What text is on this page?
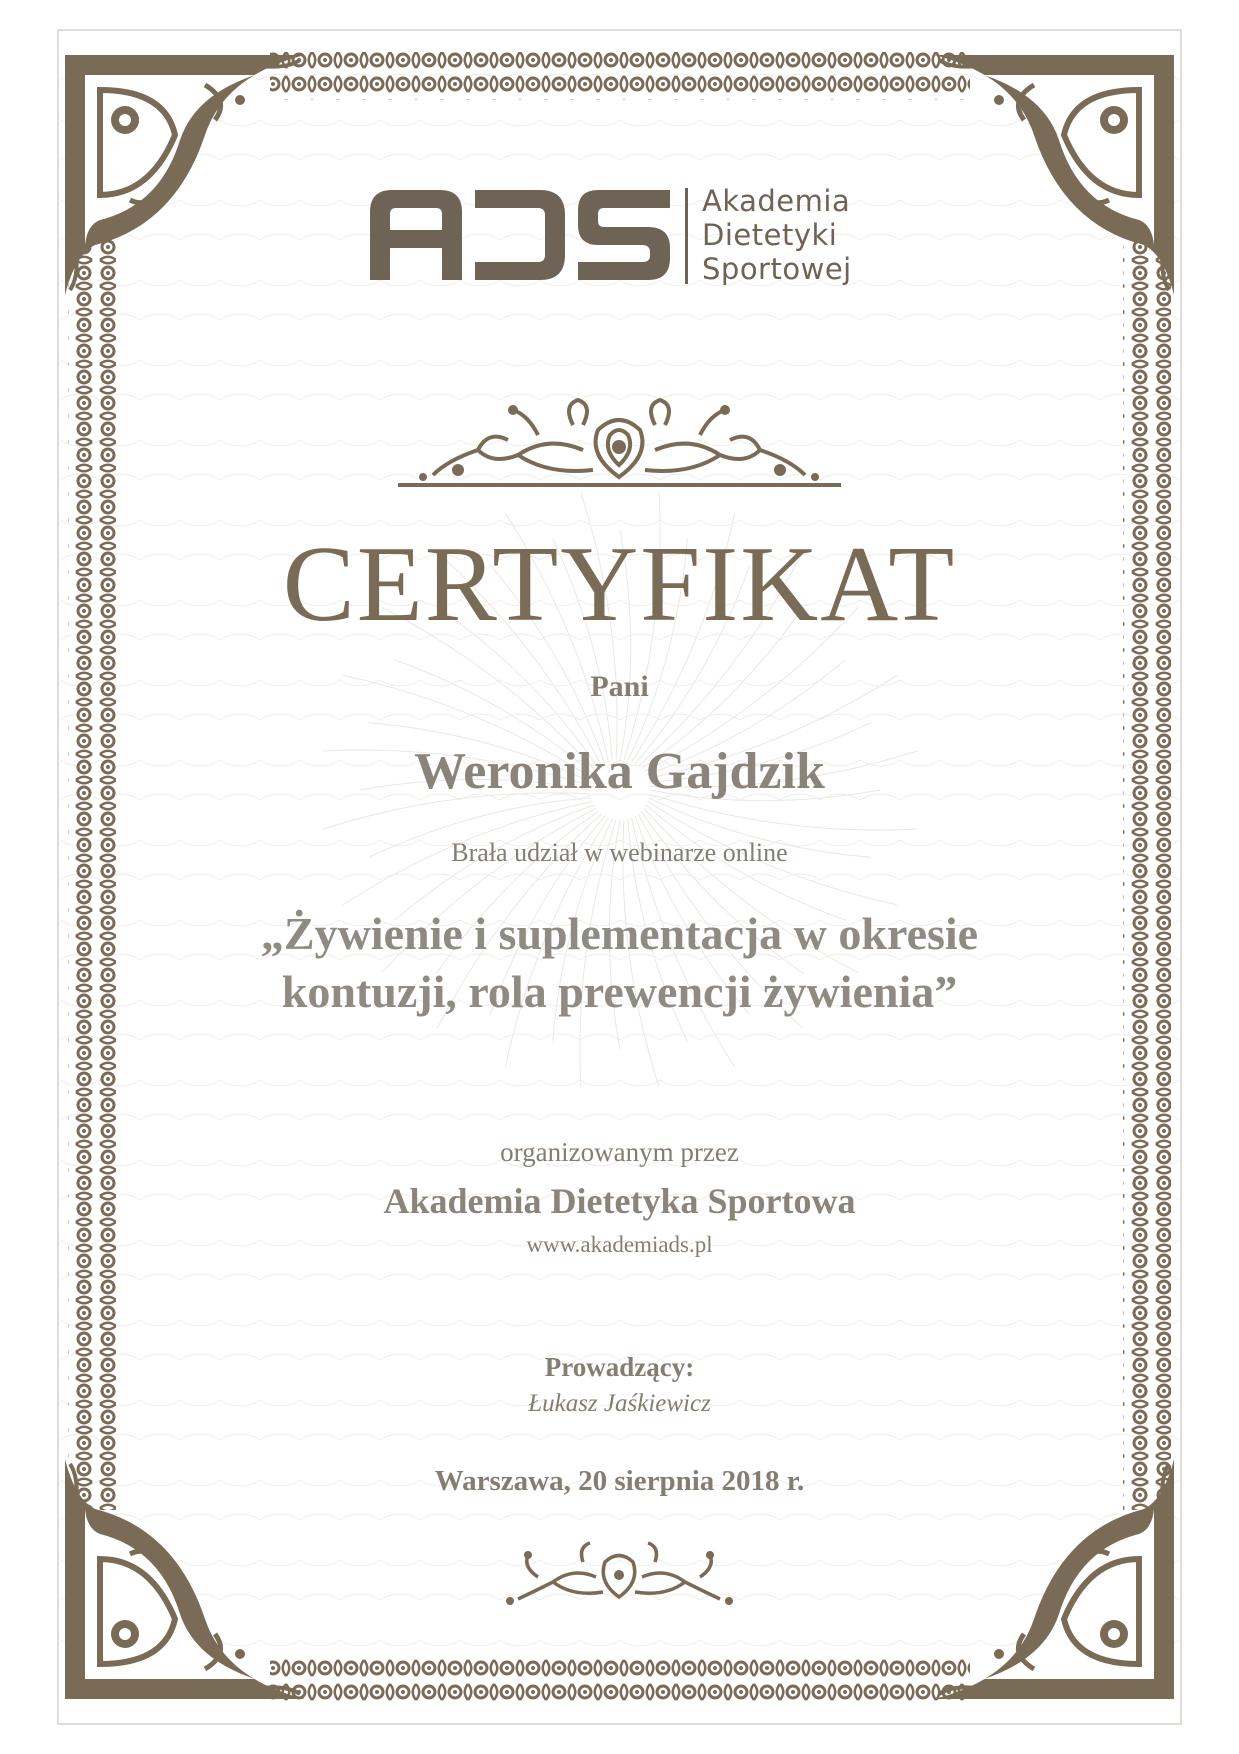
Akademia
Dietetyki
Sportowej
CERTYFIKAT
Pani
Weronika Gajdzik
Brała udział w webinarze online
„Żywienie i suplementacja w okresie
kontuzji, rola prewencji żywienia”
organizowanym przez
Akademia Dietetyka Sportowa
www.akademiads.pl
Prowadzący:
Łukasz Jaśkiewicz
Warszawa, 20 sierpnia 2018 r.
